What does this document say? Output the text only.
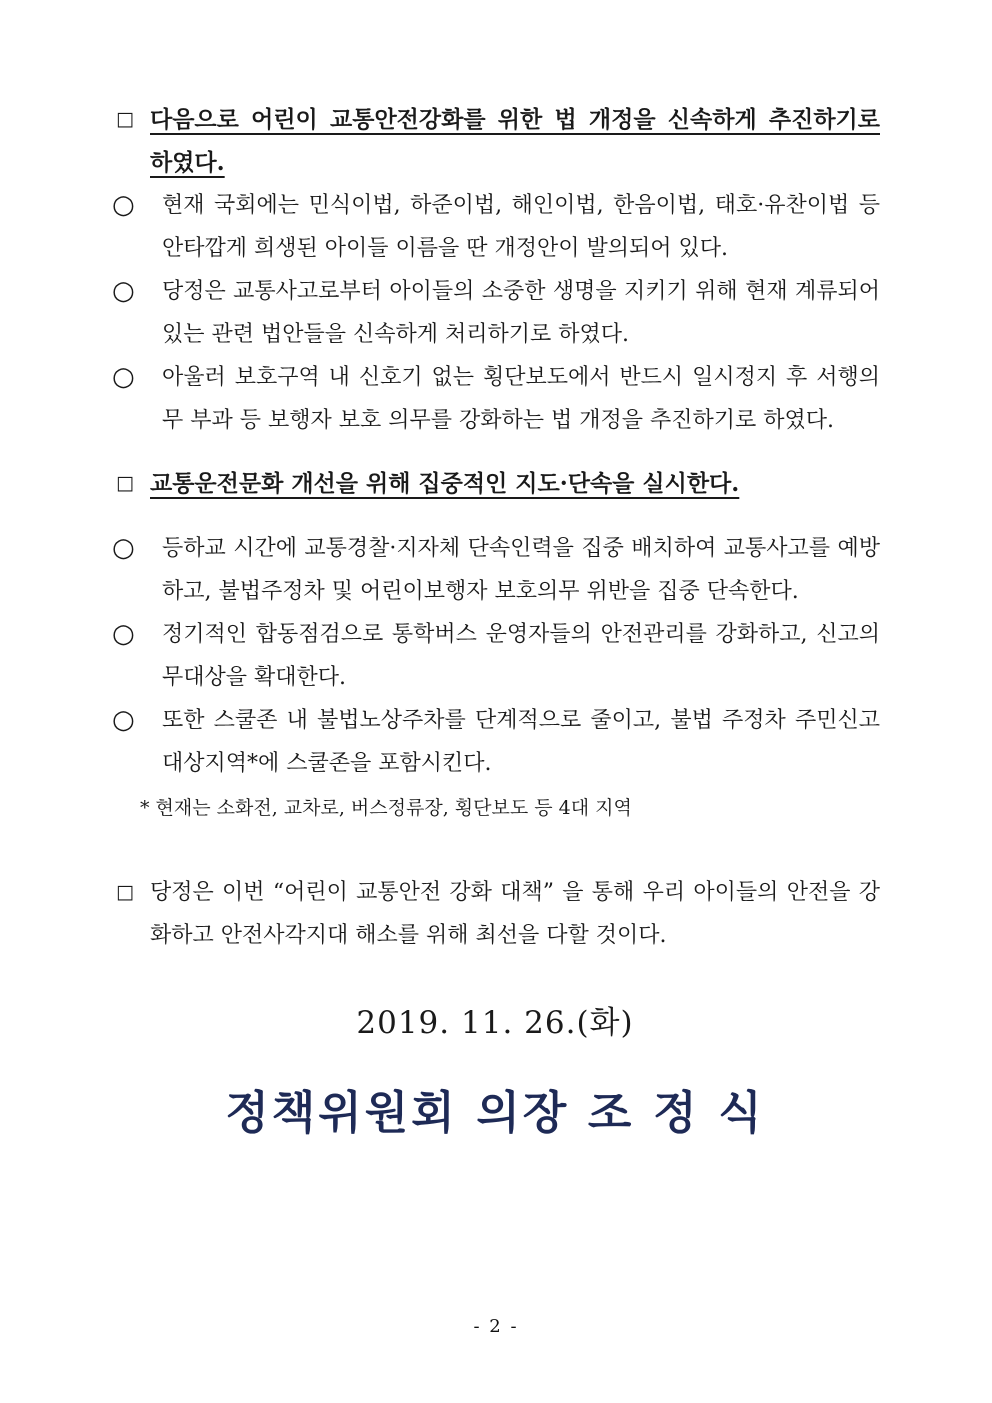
□ 다음으로 어린이 교통안전강화를 위한 법 개정을 신속하게 추진하기로 하였다.
○	현재 국회에는 민식이법, 하준이법, 해인이법, 한음이법, 태호·유찬이법 등 안타깝게 희생된 아이들 이름을 딴 개정안이 발의되어 있다.
○	당정은 교통사고로부터 아이들의 소중한 생명을 지키기 위해 현재 계류되어 있는 관련 법안들을 신속하게 처리하기로 하였다.
○	아울러 보호구역 내 신호기 없는 횡단보도에서 반드시 일시정지 후 서행의무 부과 등 보행자 보호 의무를 강화하는 법 개정을 추진하기로 하였다.
□ 교통운전문화 개선을 위해 집중적인 지도·단속을 실시한다.
○	등하교 시간에 교통경찰·지자체 단속인력을 집중 배치하여 교통사고를 예방하고, 불법주정차 및 어린이보행자 보호의무 위반을 집중 단속한다.
○	정기적인 합동점검으로 통학버스 운영자들의 안전관리를 강화하고, 신고의무대상을 확대한다.
○	또한 스쿨존 내 불법노상주차를 단계적으로 줄이고, 불법 주정차 주민신고 대상지역*에 스쿨존을 포함시킨다.
* 현재는 소화전, 교차로, 버스정류장, 횡단보도 등 4대 지역
□ 당정은 이번 “어린이 교통안전 강화 대책” 을 통해 우리 아이들의 안전을 강화하고 안전사각지대 해소를 위해 최선을 다할 것이다.
2019. 11. 26.(화)
정책위원회 의장 조 정 식
- 2 -
